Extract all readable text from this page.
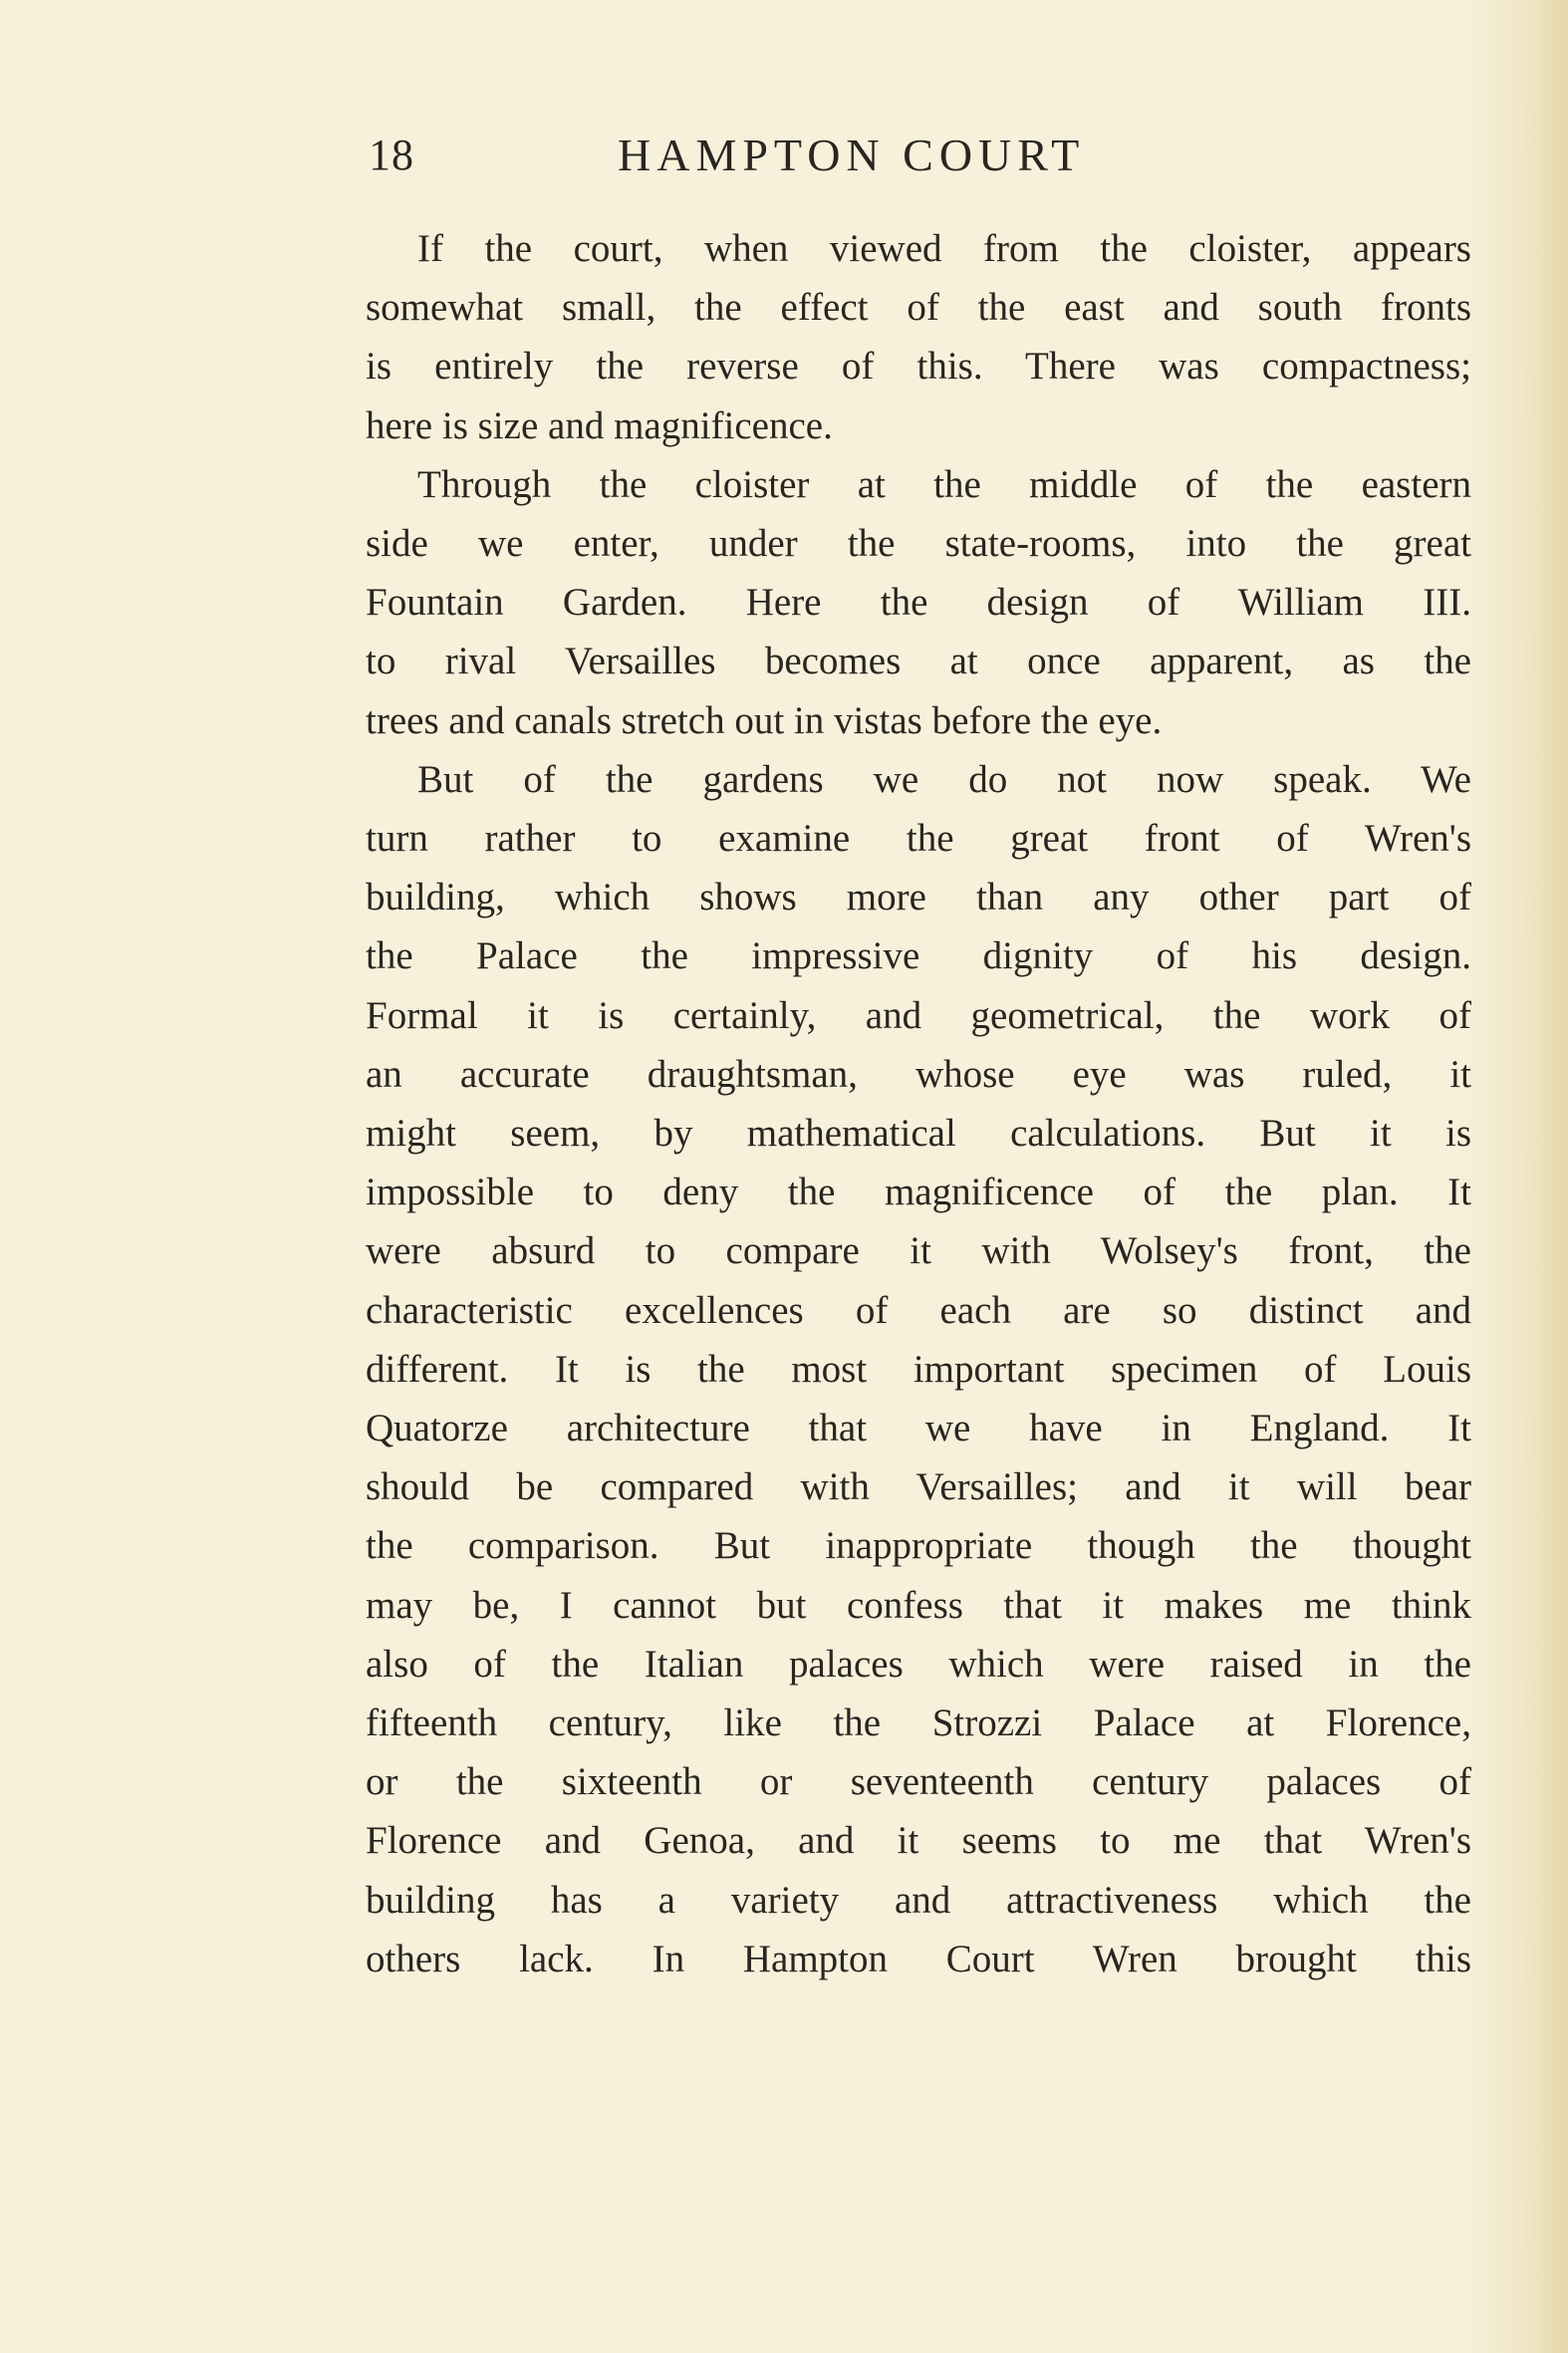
18	HAMPTON COURT

If the court, when viewed from the cloister, appears
somewhat small, the effect of the east and south fronts
is entirely the reverse of this. There was compactness;
here is size and magnificence.

Through the cloister at the middle of the eastern
side we enter, under the state-rooms, into the great
Fountain Garden. Here the design of William III.
to rival Versailles becomes at once apparent, as the
trees and canals stretch out in vistas before the eye.

But of the gardens we do not now speak. We
turn rather to examine the great front of Wren's
building, which shows more than any other part of
the Palace the impressive dignity of his design.
Formal it is certainly, and geometrical, the work of
an accurate draughtsman, whose eye was ruled, it
might seem, by mathematical calculations. But it is
impossible to deny the magnificence of the plan. It
were absurd to compare it with Wolsey's front, the
characteristic excellences of each are so distinct and
different. It is the most important specimen of Louis
Quatorze architecture that we have in England. It
should be compared with Versailles; and it will bear
the comparison. But inappropriate though the thought
may be, I cannot but confess that it makes me think
also of the Italian palaces which were raised in the
fifteenth century, like the Strozzi Palace at Florence,
or the sixteenth or seventeenth century palaces of
Florence and Genoa, and it seems to me that Wren's
building has a variety and attractiveness which the
others lack. In Hampton Court Wren brought this
